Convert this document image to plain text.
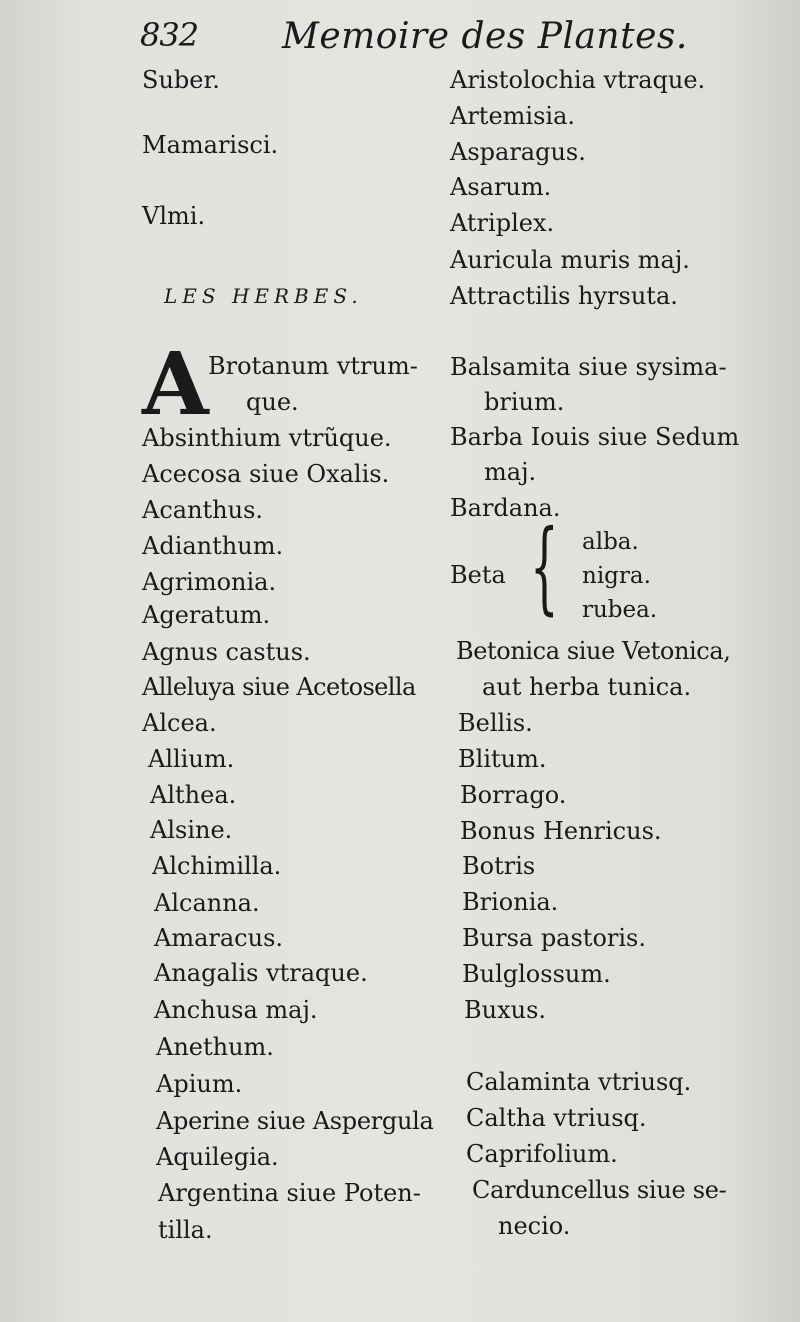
832 Memoire des Plantes.
Suber.
Mamarisci.
Vlmi.
LES HERBES.
A Brotanum vtrum-
que.
Absinthium vtrũque.
Acecosa siue Oxalis.
Acanthus.
Adianthum.
Agrimonia.
Ageratum.
Agnus castus.
Alleluya siue Acetosella
Alcea.
Allium.
Althea.
Alsine.
Alchimilla.
Alcanna.
Amaracus.
Anagalis vtraque.
Anchusa maj.
Anethum.
Apium.
Aperine siue Aspergula
Aquilegia.
Argentina siue Poten-
tilla.
Aristolochia vtraque.
Artemisia.
Asparagus.
Asarum.
Atriplex.
Auricula muris maj.
Attractilis hyrsuta.
Balsamita siue sysima-
brium.
Barba Iouis siue Sedum
maj.
Bardana.
Beta { alba.
nigra.
rubea.
Betonica siue Vetonica,
aut herba tunica.
Bellis.
Blitum.
Borrago.
Bonus Henricus.
Botris
Brionia.
Bursa pastoris.
Bulglossum.
Buxus.
Calaminta vtriusq.
Caltha vtriusq.
Caprifolium.
Carduncellus siue se-
necio.
